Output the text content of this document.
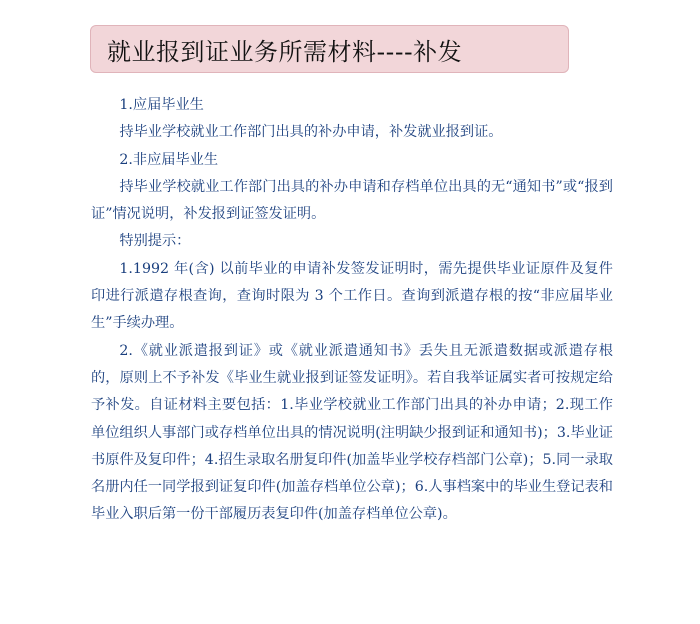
就业报到证业务所需材料----补发

1.应届毕业生

持毕业学校就业工作部门出具的补办申请，补发就业报到证。

2.非应届毕业生

持毕业学校就业工作部门出具的补办申请和存档单位出具的无“通知书”或“报到证”情况说明，补发报到证签发证明。

特别提示：

1.1992 年(含) 以前毕业的申请补发签发证明时，需先提供毕业证原件及复件印进行派遣存根查询，查询时限为 3 个工作日。查询到派遣存根的按“非应届毕业生”手续办理。

2.《就业派遣报到证》或《就业派遣通知书》丢失且无派遣数据或派遣存根的，原则上不予补发《毕业生就业报到证签发证明》。若自我举证属实者可按规定给予补发。自证材料主要包括：1.毕业学校就业工作部门出具的补办申请；2.现工作单位组织人事部门或存档单位出具的情况说明(注明缺少报到证和通知书)；3.毕业证书原件及复印件；4.招生录取名册复印件(加盖毕业学校存档部门公章)；5.同一录取名册内任一同学报到证复印件(加盖存档单位公章)；6.人事档案中的毕业生登记表和毕业入职后第一份干部履历表复印件(加盖存档单位公章)。
